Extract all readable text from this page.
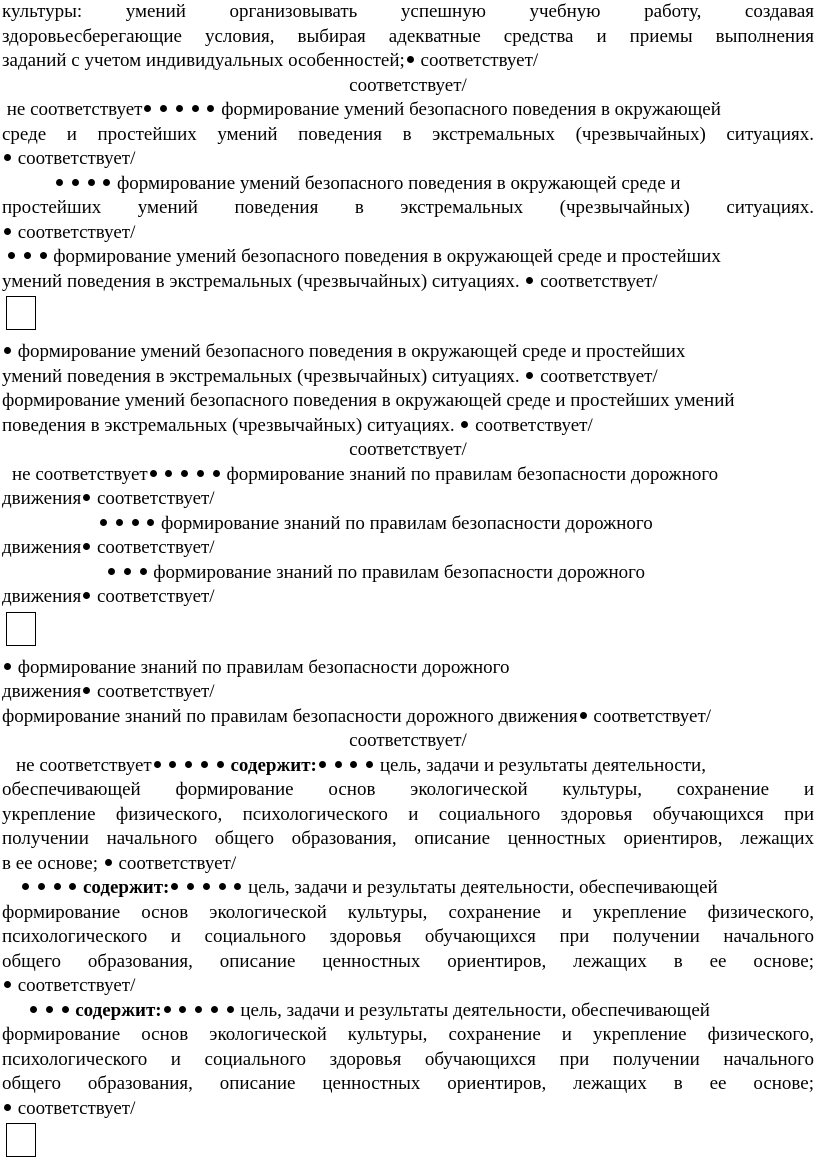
культуры: умений организовывать успешную учебную работу, создавая
здоровьесберегающие условия, выбирая адекватные средства и приемы выполнения
заданий с учетом индивидуальных особенностей; соответствует/
соответствует/
не соответствует	формирование умений безопасного поведения в окружающей
среде и простейших умений поведения в экстремальных (чрезвычайных) ситуациях.
соответствует/
формирование умений безопасного поведения в окружающей среде и
простейших умений поведения в экстремальных (чрезвычайных) ситуациях.
соответствует/
формирование умений безопасного поведения в окружающей среде и простейших
умений поведения в экстремальных (чрезвычайных) ситуациях. соответствует/
формирование умений безопасного поведения в окружающей среде и простейших
умений поведения в экстремальных (чрезвычайных) ситуациях. соответствует/
формирование умений безопасного поведения в окружающей среде и простейших умений
поведения в экстремальных (чрезвычайных) ситуациях. соответствует/
соответствует/
не соответствует	формирование знаний по правилам безопасности дорожного
движения соответствует/
формирование знаний по правилам безопасности дорожного
движения соответствует/
формирование знаний по правилам безопасности дорожного
движения соответствует/
формирование знаний по правилам безопасности дорожного
движения соответствует/
формирование знаний по правилам безопасности дорожного движения соответствует/
соответствует/
не соответствует	содержит:	цель, задачи и результаты деятельности,
обеспечивающей формирование основ экологической культуры, сохранение и
укрепление физического, психологического и социального здоровья обучающихся при
получении начального общего образования, описание ценностных ориентиров, лежащих
в ее основе; соответствует/
содержит:	цель, задачи и результаты деятельности, обеспечивающей
формирование основ экологической культуры, сохранение и укрепление физического,
психологического и социального здоровья обучающихся при получении начального
общего образования, описание ценностных ориентиров, лежащих в ее основе;
соответствует/
содержит:	цель, задачи и результаты деятельности, обеспечивающей
формирование основ экологической культуры, сохранение и укрепление физического,
психологического и социального здоровья обучающихся при получении начального
общего образования, описание ценностных ориентиров, лежащих в ее основе;
соответствует/
